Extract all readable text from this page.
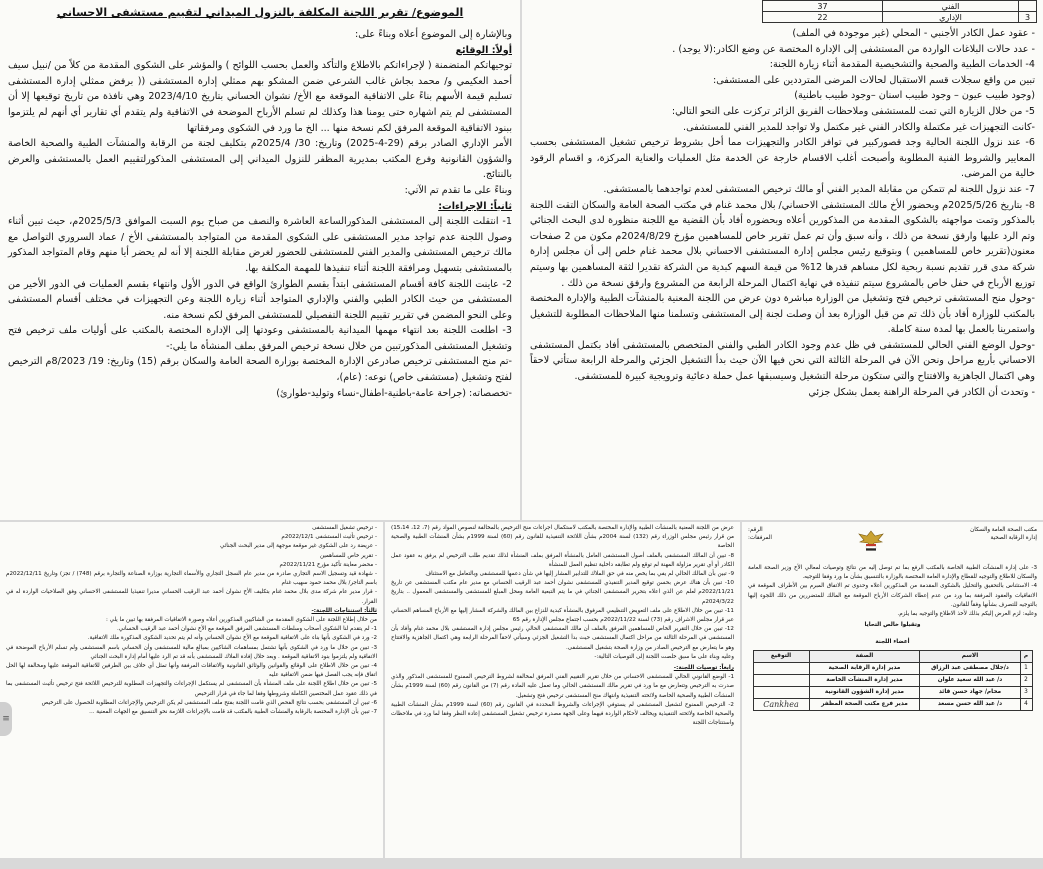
الموضوع/ تقرير اللجنة المكلفة بالنزول الميداني لتقييم مستشفى الاحساني

وبالإشارة إلى الموضوع أعلاه وبناءً على:

أولاً: الوقائع

توجيهاتكم المتضمنة ( لإجراءاتكم بالاطلاع والتأكد والعمل بحسب اللوائح ) والمؤشر على الشكوى المقدمة من كلاً من /نبيل سيف أحمد العكيمي و/ محمد بجاش غالب الشرعي ضمن المشكو بهم ممثلي إدارة المستشفى (( برفض ممثلي إدارة المستشفى تسليم قيمة الأسهم بناءً على الاتفاقية الموقعة مع الأخ/ نشوان الحساني بتاريخ 2023/4/10 وهي نافذة من تاريخ توقيعها إلا أن المستشفى لم يتم اشهاره حتى يومنا هذا وكذلك لم تسلم الأرباح الموضحة في الاتفاقية ولم يتقدم أي تقارير أي أنهم لم يلتزموا ببنود الاتفاقية الموقعة المرفق لكم نسخة منها ... الخ ما ورد في الشكوى ومرفقاتها

الأمر الإداري الصادر برقم (29-4-2025) وتاريخ: 30/ 2025/4م بتكليف لجنة من الرقابة والمنشآت الطبية والصحية الخاصة والشؤون القانونية وفرع المكتب بمديرية المظفر للنزول الميداني إلى المستشفى المذكورلتقييم العمل بالمستشفى والعرض بالنتائج.

وبناءً على ما تقدم تم الآتي:

ثانياً: الإجراءات:

1- انتقلت اللجنة إلى المستشفى المذكورالساعة العاشرة والنصف من صباح يوم السبت الموافق 2025/5/3م، حيث تبين أثناء وصول اللجنة عدم تواجد مدير المستشفى على الشكوى المقدمة من المتواجد بالمستشفى الأخ / عماد السروري التواصل مع مالك ترخيص المستشفى والمدير الفني للمستشفى للحضور لغرض مقابلة اللجنة إلا أنه لم يحضر أيا منهم وقام المتواجد المذكور بالمستشفى بتسهيل ومرافقة اللجنة أثناء تنفيذها للمهمة المكلفة بها.

2- عاينت اللجنة كافة أقسام المستشفى ابتداً بقسم الطوارئ الواقع في الدور الأول وانتهاء بقسم العمليات في الدور الأخير من المستشفى من حيث الكادر الطبي والفني والإداري المتواجد أثناء زيارة اللجنة وعن التجهيزات في مختلف أقسام المستشفى وعلى النحو المضمن في تقرير تقييم اللجنة التفصيلي للمستشفى المرفق لكم نسخة منه.

3- اطلعت اللجنة بعد انتهاء مهمها الميدانية بالمستشفى وعودتها إلى الإدارة المختصة بالمكتب على أوليات ملف ترخيص فتح وتشغيل المستشفى المذكورتبين من خلال نسخة ترخيص المرفق بملف المنشأة ما يلي:-

-تم منح المستشفى ترخيص صادرعن الإدارة المختصة بوزارة الصحة العامة والسكان برقم (15) وتاريخ: 19/ 8/2023م الترخيص لفتح وتشغيل (مستشفى خاص) نوعه: (عام)،

-تخصصاته: (جراحة عامة-باطنية-اطفال-نساء وتوليد-طوارئ)

	الفني	37
3	الإداري	22

- عقود عمل الكادر الأجنبي - المحلي (غير موجودة في الملف)

- عدد حالات البلاغات الواردة من المستشفى إلى الإدارة المختصة عن وضع الكادر:(لا يوجد) .

4- الخدمات الطبية والصحية والتشخيصية المقدمة أثناء زيارة اللجنة:

تبين من واقع سجلات قسم الاستقبال لحالات المرضى المترددين على المستشفى:

(وجود طبيب عيون – وجود طبيب اسنان –وجود طبيب باطنية)

5- من خلال الزيارة التي تمت للمستشفى وملاحظات الفريق الزائر تركزت على النحو التالي:

-كانت التجهيزات غير مكتملة والكادر الفني غير مكتمل ولا تواجد للمدير الفني للمستشفى.

6- عند نزول اللجنة الحالية وجد قصوركبير في توافر الكادر والتجهيزات مما أخل بشروط ترخيص تشغيل المستشفى بحسب المعايير والشروط الفنية المطلوبة وأصبحت أغلب الاقسام خارجة عن الخدمة مثل العمليات والعناية المركزة، و اقسام الرقود خالية من المرضى.

7- عند نزول اللجنة لم تتمكن من مقابلة المدير الفني أو مالك ترخيص المستشفى لعدم تواجدهما بالمستشفى.

8- بتاريخ 2025/5/26م وبحضور الأخ مالك المستشفى الاحساني/ بلال محمد غنام في مكتب الصحة العامة والسكان التقت اللجنة بالمذكور وتمت مواجهته بالشكوى المقدمة من المذكورين أعلاه وبحضوره أفاد بأن القضية مع اللجنة منظورة لدى البحث الجنائي وتم الرد عليها وارفق نسخة من ذلك ، وأنه سبق وأن تم عمل تقرير خاص للمساهمين مؤرخ 2024/8/29م مكون من 2 صفحات معنون(تقرير خاص للمساهمين ) وبتوقيع رئيس مجلس إدارة المستشفى الاحساني بلال محمد غنام خلص إلى أن مجلس إدارة شركة مدى قرر تقديم نسبة ربحية لكل مساهم قدرها 12% من قيمة السهم كبدية من الشركة تقديرا لثقة المساهمين بها وسيتم توزيع الأرباح في حفل خاص بالمشروع سيتم تنفيذه في نهاية اكتمال المرحلة الرابعة من المشروع وارفق نسخة من ذلك .

-وحول منح المستشفى ترخيص فتح وتشغيل من الوزارة مباشرة دون عرض من اللجنة المعنية بالمنشآت الطبية والإدارة المختصة بالمكتب للوزارة أفاد بأن ذلك تم من قبل الوزارة بعد أن وصلت لجنة إلى المستشفى وتسلمنا منها الملاحظات المطلوبة للتشغيل واستمرينا بالعمل بها لمدة سنة كاملة.

-وحول الوضع الفني الحالي للمستشفى في ظل عدم وجود الكادر الطبي والفني المتخصص بالمستشفى أفاد بكتمل المستشفى الاحساني بأربع مراحل ونحن الآن في المرحلة الثالثة التي نحن فيها الآن حيث بدأ التشغيل الجزئي والمرحلة الرابعة ستأتي لاحقاً وهي اكتمال الجاهزية والافتتاح والتي ستكون مرحلة التشغيل وسيسبقها عمل حملة دعائية وترويجية كبيرة للمستشفى.

- وتحدث أن الكادر في المرحلة الراهنة يعمل بشكل جزئي

- ترخيص تشغيل المستشفى

- ترخيص تأثيث المستشفى 2022/12/1م

- عريضة رد على الشكوى غير موقعة موجهة إلى مدير البحث الجنائي

- تقرير خاص للمساهمين

- محضر معاينة تأكيد مؤرخ 2022/11/21م

- شهادة قيد وتسجيل الاسم التجاري صادرة من مدير عام السجل التجاري والأسماء التجارية بوزارة الصناعة والتجارة برقم (748) / تجز) وتاريخ 2022/12/11م باسم التاجر/ بلال محمد حمود سهيب غنام

- قرار مدير عام شركة مدى بلال محمد غنام بتكليف الأخ نشوان أحمد عبد الرقيب الحساني مديرا تنفيذيا للمستشفى الاحساني وفق الصلاحيات الواردة له في القرار.

ثالثاً: استنتاجات اللجنة:-

من خلال إطلاع اللجنة على الشكوى المقدمة من الشاكيين المذكورين أعلاه وصورة الاتفاقيات المرفقة بها تبين ما يلي :

1- لم يتقدم لنا الشكوى أصحاب وسلطات المستشفى المرفق الموقعة مع الأخ نشوان أحمد عبد الرقيب الحساني.

2- ورد في الشكوى بأنها بناء على الاتفاقية الموقعة مع الأخ نشوان الحساني وأنه لم يتم تحديد الشكوى المذكورة ملك الاتفاقية.

3- تبين من خلال ما ورد في الشكوى بأنها تشتمل بمساهمات الشاكيين بمبالغ مالية للمستشفى وأن الحساني باسم المستشفى ولم تسلم الأرباح الموضحة في الاتفاقية ولم يلتزموا بنود الاتفاقية الموقعة . وبعد خلال إفادة الملاك للمستشفى بأنه قد تم الرد عليها أمام إدارة البحث الجنائي

4- تبين من خلال الاطلاع على الوقائع والقوانين والوثائق القانونية والاتفاقات المرفقة وأنها تمثل أي خلاف بين الطرفين للاتفاقية الموقعة عليها ومخالفة لها الحل اتفاق فإنه يجب الفصل فيها ضمن الاتفاقية عليه

5- تبين من خلال اطلاع اللجنة على ملف المنشأة بأن المستشفى لم يستكمل الإجراءات والتجهيزات المطلوبة للترخيص اللائحة فتح ترخيص تأثيث المستشفى بما في ذلك عقود عمل المختصين الكاملة وشروطها وفقا لما جاء في قرار الترخيص

6- تبين أن المستشفى بحسب نتائج الفحص الذي قامت اللجنة بفتح ملف المستشفى لم يكن الترخيص والإجراءات المطلوبة للحصول على الترخيص

7- تبين بأن الإدارة المختصة بالرقابة والمنشآت الطبية بالمكتب قد قامت بالإجراءات اللازمة نحو التنسيق مع الجهات المعنية ...

عرض من اللجنة المعنية بالمنشآت الطبية والإدارة المختصة بالمكتب لاستكمال اجراءات منح الترخيص بالمخالفة لنصوص المواد رقم (7، 12، 15،14) من قرار رئيس مجلس الوزراء رقم (132) لسنة 2004م بشأن اللائحة التنفيذية للقانون رقم (60) لسنة 1999م بشأن المنشآت الطبية والصحية الخاصة

8- تبين أن المالك المستشفى بالملف أصول المستشفى العامل بالمنشأة المرفق بملف المنشأة لذلك تقديم طلب الترخيص لم يرفق به عقود عمل الكادر أو أي تقرير مزاولة المهنة لم توقع ولم تطابقه داخلية تنظيم العمل للمنشأة

9- تبين بأن المالك الحالي لم يفي بما يخص منه في حق الملاك للتدابير المشار إليها في شأن دعمها للمستشفى وبالتعامل مع الاستئناف

10- تبين بأن هناك عرض بحسن توقيع المدير التنفيذي للمستشفى نشوان أحمد عبد الرقيب الحساني مع مدير عام مكتب المستشفى عن تاريخ 2022/11/21م لعلم عن الذي اعلاه بتحرير المستشفى الجنائي في ما يتم التبعية العامة ومحل المبلغ للمستشفى والمستشفى المعمول .. بتاريخ 2024/3/22م

11- تبين من خلال الاطلاع على ملف التعويض التنظيمي المرفوق بالمنشأة كبدية للنزاع بين المالك والشركة المشار إليها مع الأرباح المساهم الحساني عبر قرار مجلس الاشراف رقم (73) لسنة 2022/11/22م بحسب اجتماع مجلس الإدارة رقم 65

12- تبين من خلال التقرير الخاص للمساهمين المرفق بالملف أن مالك المستشفى الحالي رئيس مجلس إدارة المستشفى بلال محمد غنام وأفاد بأن المستشفى في المرحلة الثالثة من مراحل اكتمال المستشفى حيث بدأ التشغيل الجزئي وسيأتي لاحقاً المرحلة الرابعة وهي اكتمال الجاهزية والافتتاح وهو ما يتعارض مع الترخيص الصادر من وزارة الصحة بتشغيل المستشفى.

وعليه وبناء على ما سبق خلصت اللجنة إلى التوصيات التالية:-

رابعاً: توصيات اللجنة:-

1- الوضع القانوني الحالي للمستشفى الاحساني من خلال تقرير التقييم الفني المرفق لمخالفة لشروط الترخيص الممنوح للمستشفى المذكور والذي صدرت به الترخيص وتتعارض مع ما ورد في تقرير مالك المستشفى الحالي وما تعمل عليه المادة رقم (7) من القانون رقم (60) لسنة 1999م بشأن المنشآت الطبية والصحية الخاصة ولائحته التنفيذية وانتهاك منح المستشفى ترخيص فتح وتشغيل.

2- الترخيص الممنوح لتشغيل المستشفى لم يستوفي الإجراءات والشروط المحددة في القانون رقم (60) لسنة 1999م بشأن المنشآت الطبية والصحية الخاصة ولائحته التنفيذية ويخالف لأحكام الواردة فيهما وعلى الجهة مصدرة ترخيص تشغيل المستشفى إعادة النظر وفقا لما ورد في ملاحظات واستنتاجات اللجنة

مكتب الصحة العامة والسكان
إدارة الرقابة الصحية
الرقم:
المرفقات:

3- على إدارة المنشآت الطبية الخاصة بالمكتب الرفع بما تم توصل إليه من نتائج وتوصيات لمعالي الأخ وزير الصحة العامة والسكان للاطلاع والتوجيه للقطاع والإدارة العامة المختصة بالوزارة بالتنسيق بشأن ما ورد وفقا للتوجيه.

4- الاستئناس بالتحقيق والتحليل بالشكوى المقدمة من المذكورين أعلاه وحدوى تم الاتفاق المبرم بين الأطراف الموقعة في الاتفاقيات والعقود المرفقة بما ورد من عدم إعطاء الشركات الأرباح الموقعة مع المالك للمتضررين من ذلك اللجوء إليها بالتوجيه للتصرف بشأنها وفقاً للقانون.

وعليه: لزم العرض إليكم بذلك لأخذ الاطلاع والتوجيه بما يلزم.

وتقبلوا خالص التحايا
أعضاء اللجنة
م	الاسم	الصفة	التوقيع
1	د/جلال مصطفى عبد الرزاق	مدير إدارة الرقابة الصحية	
2	د/ عبد الله سعيد علوان	مدير إدارة المنشآت الخاصة	
3	محام/ جهاد حسن قائد	مدير إدارة الشؤون القانونية	
4	د/ عبد الله حسن مسعد	مدير فرع مكتب الصحة المظفر	Cankhea
≡
